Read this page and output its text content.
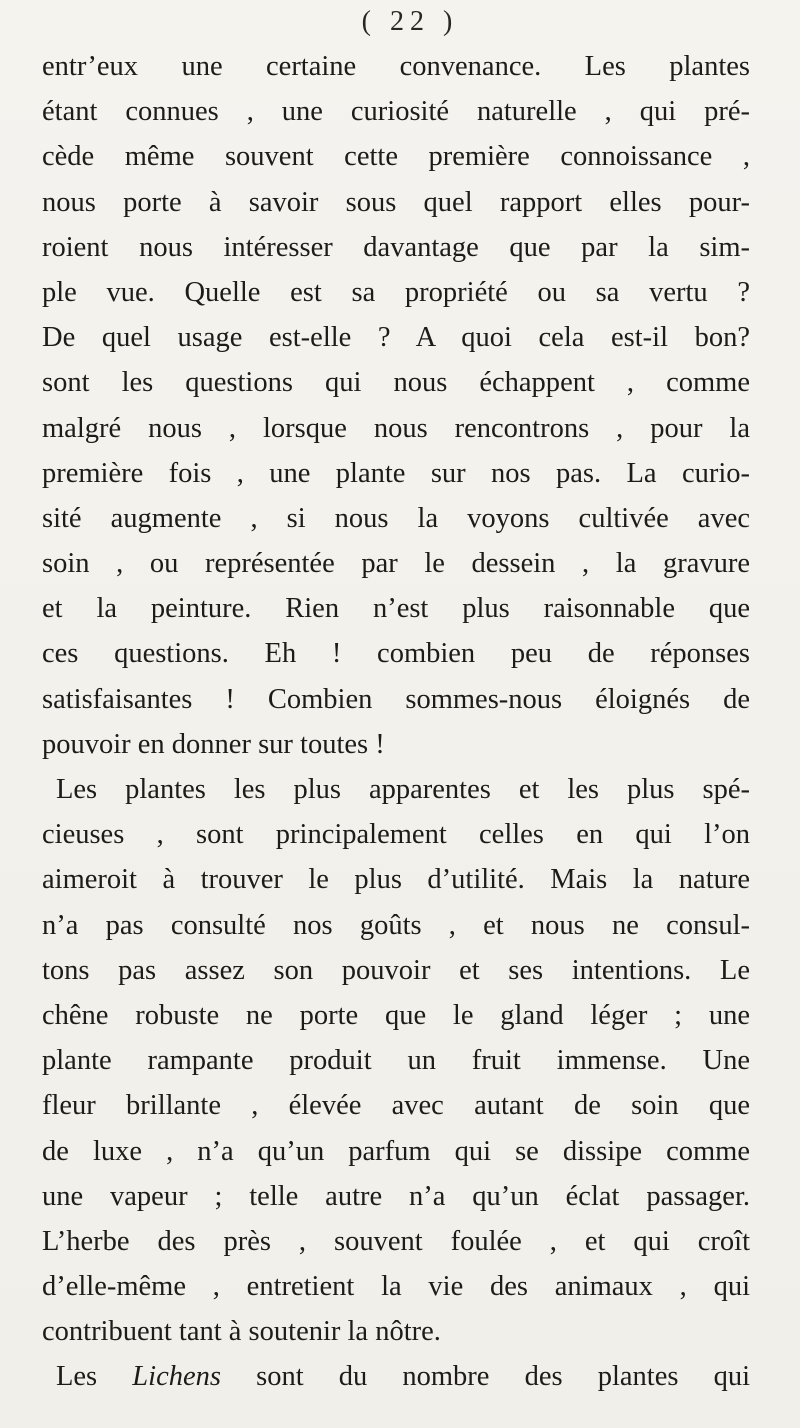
( 22 )
entr’eux une certaine convenance. Les plantes
étant connues , une curiosité naturelle , qui pré-
cède même souvent cette première connoissance ,
nous porte à savoir sous quel rapport elles pour-
roient nous intéresser davantage que par la sim-
ple vue. Quelle est sa propriété ou sa vertu ?
De quel usage est-elle ? A quoi cela est-il bon?
sont les questions qui nous échappent , comme
malgré nous , lorsque nous rencontrons , pour la
première fois , une plante sur nos pas. La curio-
sité augmente , si nous la voyons cultivée avec
soin , ou représentée par le dessein , la gravure
et la peinture. Rien n’est plus raisonnable que
ces questions. Eh ! combien peu de réponses
satisfaisantes ! Combien sommes-nous éloignés de
pouvoir en donner sur toutes !
Les plantes les plus apparentes et les plus spé-
cieuses , sont principalement celles en qui l’on
aimeroit à trouver le plus d’utilité. Mais la nature
n’a pas consulté nos goûts , et nous ne consul-
tons pas assez son pouvoir et ses intentions. Le
chêne robuste ne porte que le gland léger ; une
plante rampante produit un fruit immense. Une
fleur brillante , élevée avec autant de soin que
de luxe , n’a qu’un parfum qui se dissipe comme
une vapeur ; telle autre n’a qu’un éclat passager.
L’herbe des près , souvent foulée , et qui croît
d’elle-même , entretient la vie des animaux , qui
contribuent tant à soutenir la nôtre.
Les Lichens sont du nombre des plantes qui
